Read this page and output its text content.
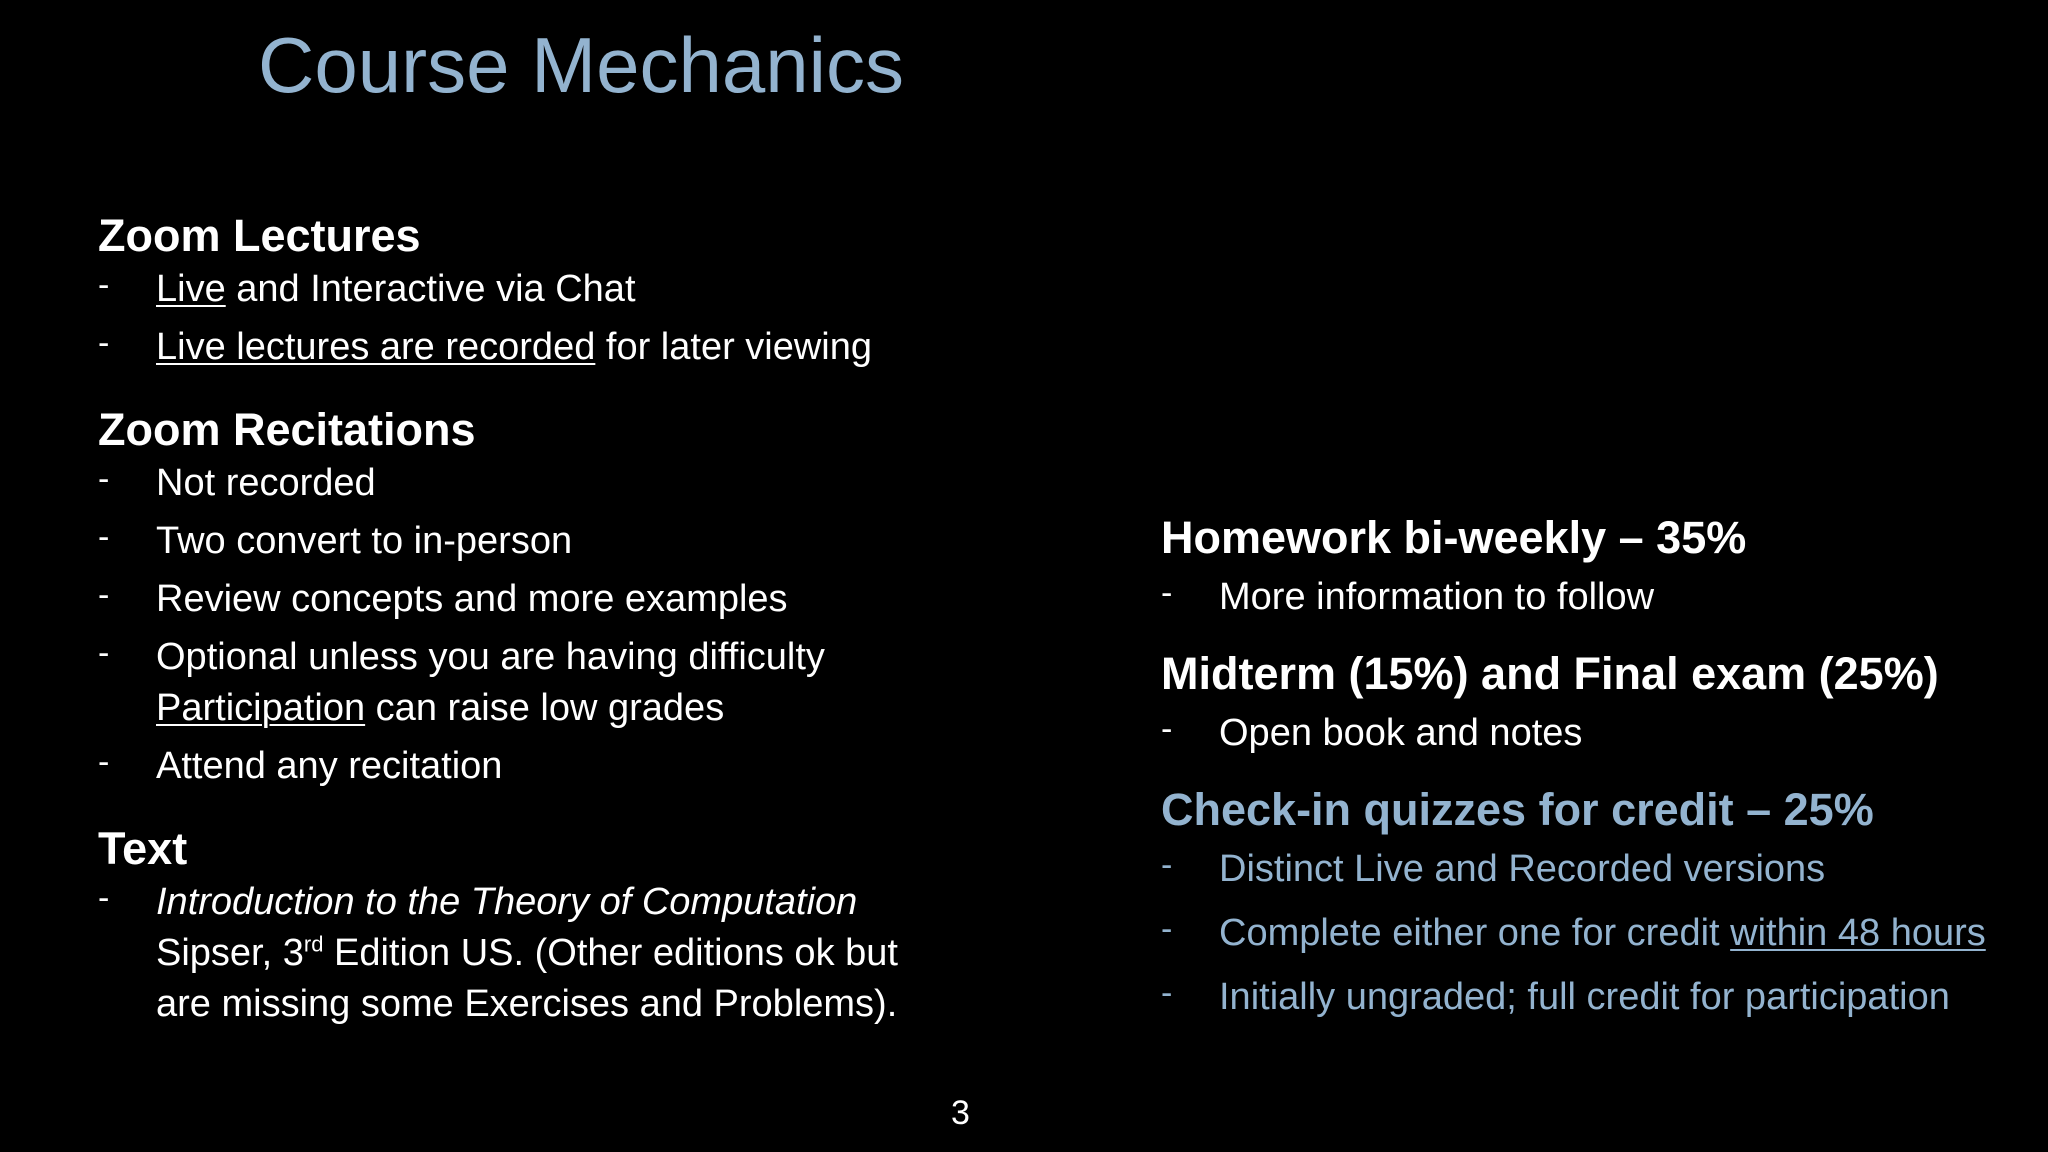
Course Mechanics
Zoom Lectures
- Live and Interactive via Chat
- Live lectures are recorded for later viewing
Zoom Recitations
- Not recorded
- Two convert to in-person
- Review concepts and more examples
- Optional unless you are having difficulty
Participation can raise low grades
- Attend any recitation
Text
- Introduction to the Theory of Computation
Sipser, 3rd Edition US. (Other editions ok but
are missing some Exercises and Problems).
Homework bi-weekly – 35%
- More information to follow
Midterm (15%) and Final exam (25%)
- Open book and notes
Check-in quizzes for credit – 25%
- Distinct Live and Recorded versions
- Complete either one for credit within 48 hours
- Initially ungraded; full credit for participation
3
